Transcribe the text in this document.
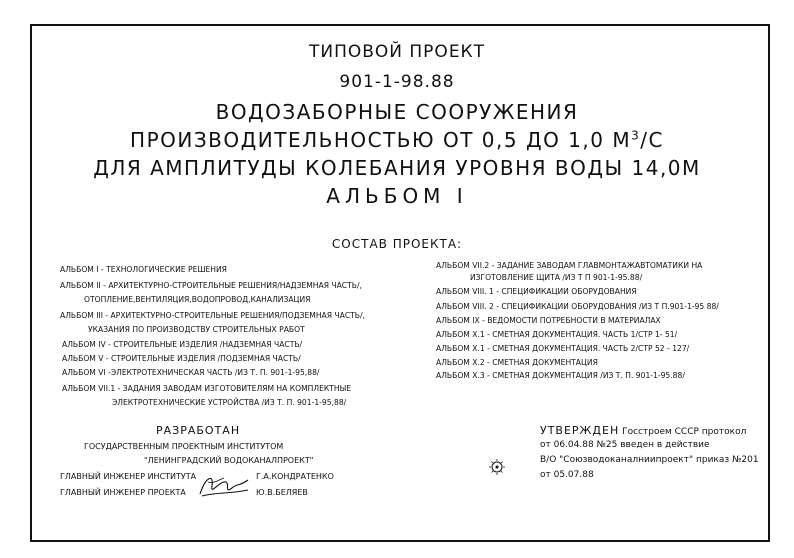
ТИПОВОЙ ПРОЕКТ
901-1-98.88
ВОДОЗАБОРНЫЕ СООРУЖЕНИЯ
ПРОИЗВОДИТЕЛЬНОСТЬЮ ОТ 0,5 ДО 1,0 $М^3/С$
ДЛЯ АМПЛИТУДЫ КОЛЕБАНИЯ УРОВНЯ ВОДЫ 14,0М
АЛЬБОМ I
СОСТАВ ПРОЕКТА:
АЛЬБОМ I - ТЕХНОЛОГИЧЕСКИЕ РЕШЕНИЯ
АЛЬБОМ II - АРХИТЕКТУРНО-СТРОИТЕЛЬНЫЕ РЕШЕНИЯ/НАДЗЕМНАЯ ЧАСТЬ/,
ОТОПЛЕНИЕ,ВЕНТИЛЯЦИЯ,ВОДОПРОВОД,КАНАЛИЗАЦИЯ
АЛЬБОМ III - АРХИТЕКТУРНО-СТРОИТЕЛЬНЫЕ РЕШЕНИЯ/ПОДЗЕМНАЯ ЧАСТЬ/,
УКАЗАНИЯ ПО ПРОИЗВОДСТВУ СТРОИТЕЛЬНЫХ РАБОТ
АЛЬБОМ IV - СТРОИТЕЛЬНЫЕ ИЗДЕЛИЯ /НАДЗЕМНАЯ ЧАСТЬ/
АЛЬБОМ V - СТРОИТЕЛЬНЫЕ ИЗДЕЛИЯ /ПОДЗЕМНАЯ ЧАСТЬ/
АЛЬБОМ VI -ЭЛЕКТРОТЕХНИЧЕСКАЯ ЧАСТЬ /ИЗ Т. П. 901-1-95,88/
АЛЬБОМ VII.1 - ЗАДАНИЯ ЗАВОДАМ ИЗГОТОВИТЕЛЯМ НА КОМПЛЕКТНЫЕ
ЭЛЕКТРОТЕХНИЧЕСКИЕ УСТРОЙСТВА /ИЗ Т. П. 901-1-95,88/
АЛЬБОМ VII.2 - ЗАДАНИЕ ЗАВОДАМ ГЛАВМОНТАЖАВТОМАТИКИ НА
ИЗГОТОВЛЕНИЕ ЩИТА /ИЗ Т П 901-1-95.88/
АЛЬБОМ VIII. 1 - СПЕЦИФИКАЦИИ ОБОРУДОВАНИЯ
АЛЬБОМ VIII. 2 - СПЕЦИФИКАЦИИ ОБОРУДОВАНИЯ /ИЗ Т П.901-1-95 88/
АЛЬБОМ IX - ВЕДОМОСТИ ПОТРЕБНОСТИ В МАТЕРИАЛАХ
АЛЬБОМ X.1 - СМЕТНАЯ ДОКУМЕНТАЦИЯ. ЧАСТЬ 1/СТР 1- 51/
АЛЬБОМ X.1 - СМЕТНАЯ ДОКУМЕНТАЦИЯ. ЧАСТЬ 2/СТР 52 - 127/
АЛЬБОМ X.2 - СМЕТНАЯ ДОКУМЕНТАЦИЯ
АЛЬБОМ X.3 - СМЕТНАЯ ДОКУМЕНТАЦИЯ /ИЗ Т. П. 901-1-95.88/
РАЗРАБОТАН
ГОСУДАРСТВЕННЫМ ПРОЕКТНЫМ ИНСТИТУТОМ
"ЛЕНИНГРАДСКИЙ ВОДОКАНАЛПРОЕКТ"
ГЛАВНЫЙ ИНЖЕНЕР ИНСТИТУТА	Г.А.КОНДРАТЕНКО
ГЛАВНЫЙ ИНЖЕНЕР ПРОЕКТА	Ю.В.БЕЛЯЕВ
УТВЕРЖДЕН Госстроем СССР протокол
от 06.04.88 №25 введен в действие
В/О "Союзводоканалниипроект" приказ №201
от 05.07.88
